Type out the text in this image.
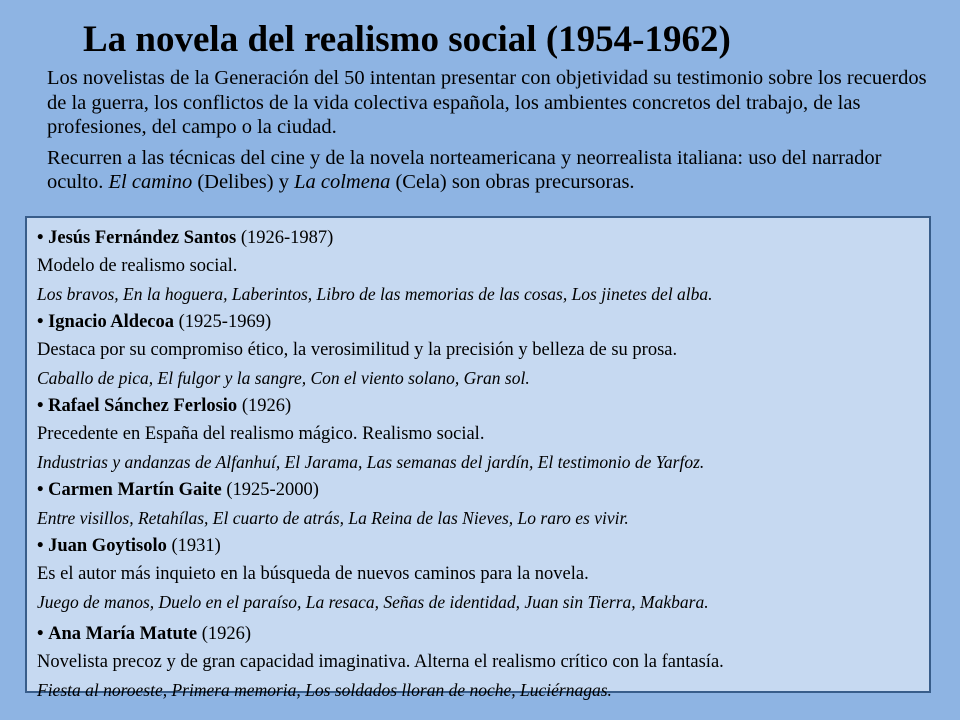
La novela del realismo social (1954-1962)

Los novelistas de la Generación del 50 intentan presentar con objetividad su testimonio sobre los recuerdos de la guerra, los conflictos de la vida colectiva española, los ambientes concretos del trabajo, de las profesiones, del campo o la ciudad.

Recurren a las técnicas del cine y de la novela norteamericana y neorrealista italiana: uso del narrador oculto. El camino (Delibes) y La colmena (Cela) son obras precursoras.

• Jesús Fernández Santos (1926-1987)
Modelo de realismo social.
Los bravos, En la hoguera, Laberintos, Libro de las memorias de las cosas, Los jinetes del alba.
• Ignacio Aldecoa (1925-1969)
Destaca por su compromiso ético, la verosimilitud y la precisión y belleza de su prosa.
Caballo de pica, El fulgor y la sangre, Con el viento solano, Gran sol.
• Rafael Sánchez Ferlosio (1926)
Precedente en España del realismo mágico. Realismo social.
Industrias y andanzas de Alfanhuí, El Jarama, Las semanas del jardín, El testimonio de Yarfoz.
• Carmen Martín Gaite (1925-2000)
Entre visillos, Retahílas, El cuarto de atrás, La Reina de las Nieves, Lo raro es vivir.
• Juan Goytisolo (1931)
Es el autor más inquieto en la búsqueda de nuevos caminos para la novela.
Juego de manos, Duelo en el paraíso, La resaca, Señas de identidad, Juan sin Tierra, Makbara.
• Ana María Matute (1926)
Novelista precoz y de gran capacidad imaginativa. Alterna el realismo crítico con la fantasía.
Fiesta al noroeste, Primera memoria, Los soldados lloran de noche, Luciérnagas.
